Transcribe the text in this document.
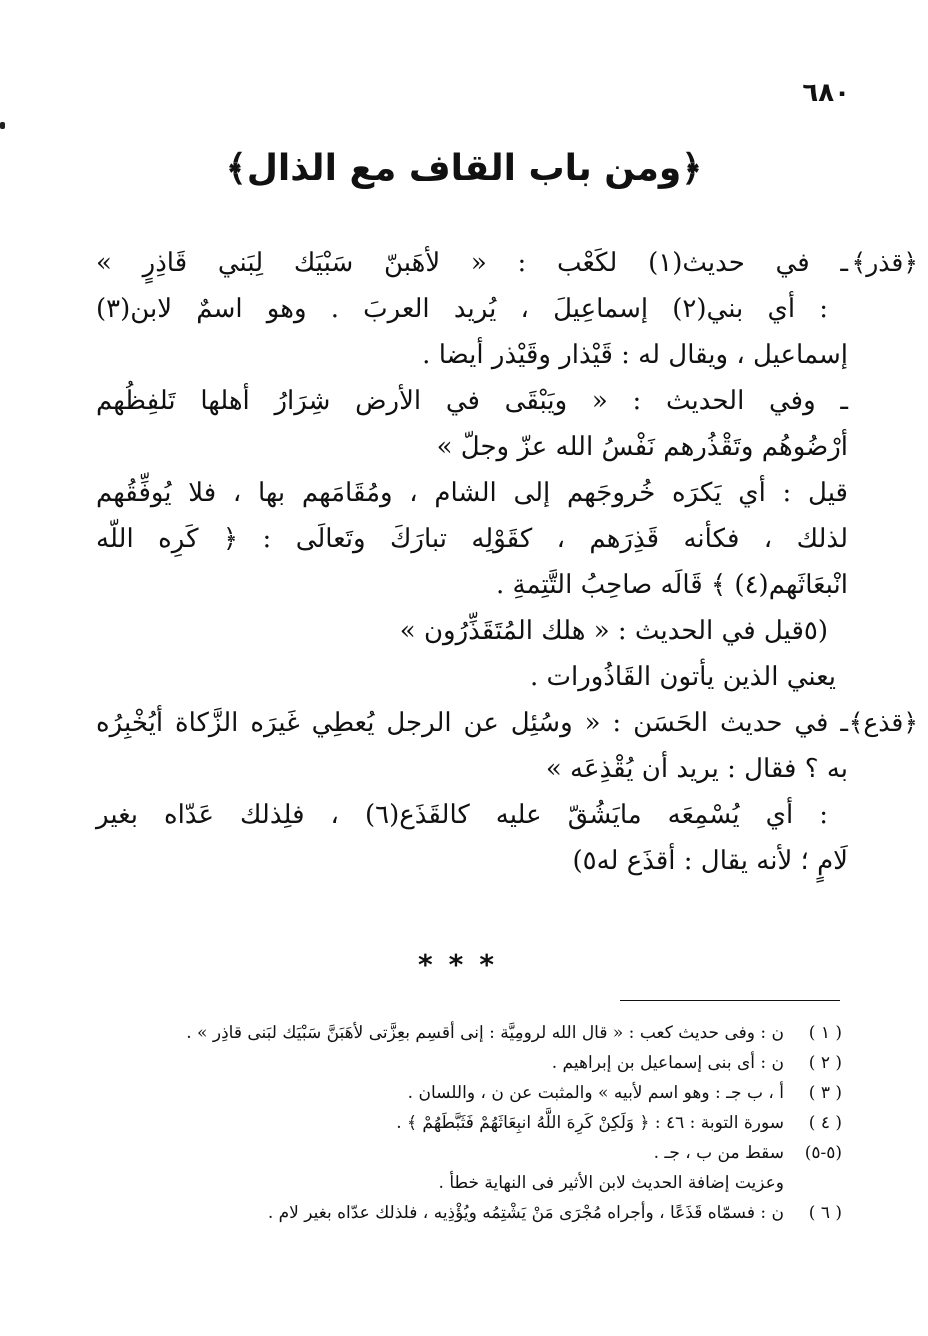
٦٨٠
﴿ومن باب القاف مع الذال﴾
﴿قذر﴾
ـ في حديث(١) لكَعْب : « لأهَبنّ سَبْيَك لِبَني قَاذِرٍ »
: أي بني(٢) إسماعِيلَ ، يُريد العربَ . وهو اسمٌ لابن(٣)
إسماعيل ، ويقال له : قَيْذار وقَيْذر أيضا .
ـ وفي الحديث : « ويَبْقَى في الأرض شِرَارُ أهلها تَلفِظُهم
أرْضُوهُم وتَقْذُرهم نَفْسُ الله عزّ وجلّ »
قيل : أي يَكرَه خُروجَهم إلى الشام ، ومُقَامَهم بها ، فلا يُوفِّقُهم
لذلك ، فكأنه قَذِرَهم ، كقَوْلِه تبارَكَ وتَعالَى : ﴿ كَرِه اللّه
انْبعَاثَهم(٤) ﴾ قَالَه صاحِبُ التَّتِمةِ .
(٥قيل في الحديث : « هلك المُتَقَذِّرُون »
يعني الذين يأتون القَاذُورات .
﴿قذع﴾
ـ في حديث الحَسَن : « وسُئِل عن الرجل يُعطِي غَيرَه الزَّكاة أيُخْبِرُه
به ؟ فقال : يريد أن يُقْذِعَه »
: أي يُسْمِعَه مايَشُقّ عليه كالقَذَع(٦) ، فلِذلك عَدّاه بغير
لَامٍ ؛ لأنه يقال : أقذَع له٥)
***
( ١ )ن : وفى حديث كعب : « قال الله لرومِيَّة : إنى أقسِم بعِزَّتى لأهَبَنَّ سَبْيَك لبَنى قاذِر » .
( ٢ )ن : أى بنى إسماعيل بن إبراهيم .
( ٣ )أ ، ب جـ : وهو اسم لأبيه » والمثبت عن ن ، واللسان .
( ٤ )سورة التوبة : ٤٦ : ﴿ وَلَكِنْ كَرِهَ اللَّهُ انبِعَاثَهُمْ فَثَبَّطَهُمْ ﴾ .
(٥-٥)سقط من ب ، جـ .
وعزيت إضافة الحديث لابن الأثير فى النهاية خطأ .
( ٦ )ن : فسمّاه قَذَعًا ، وأجراه مُجْرَى مَنْ يَشْتِمُه ويُؤْذِيه ، فلذلك عدّاه بغير لام .
